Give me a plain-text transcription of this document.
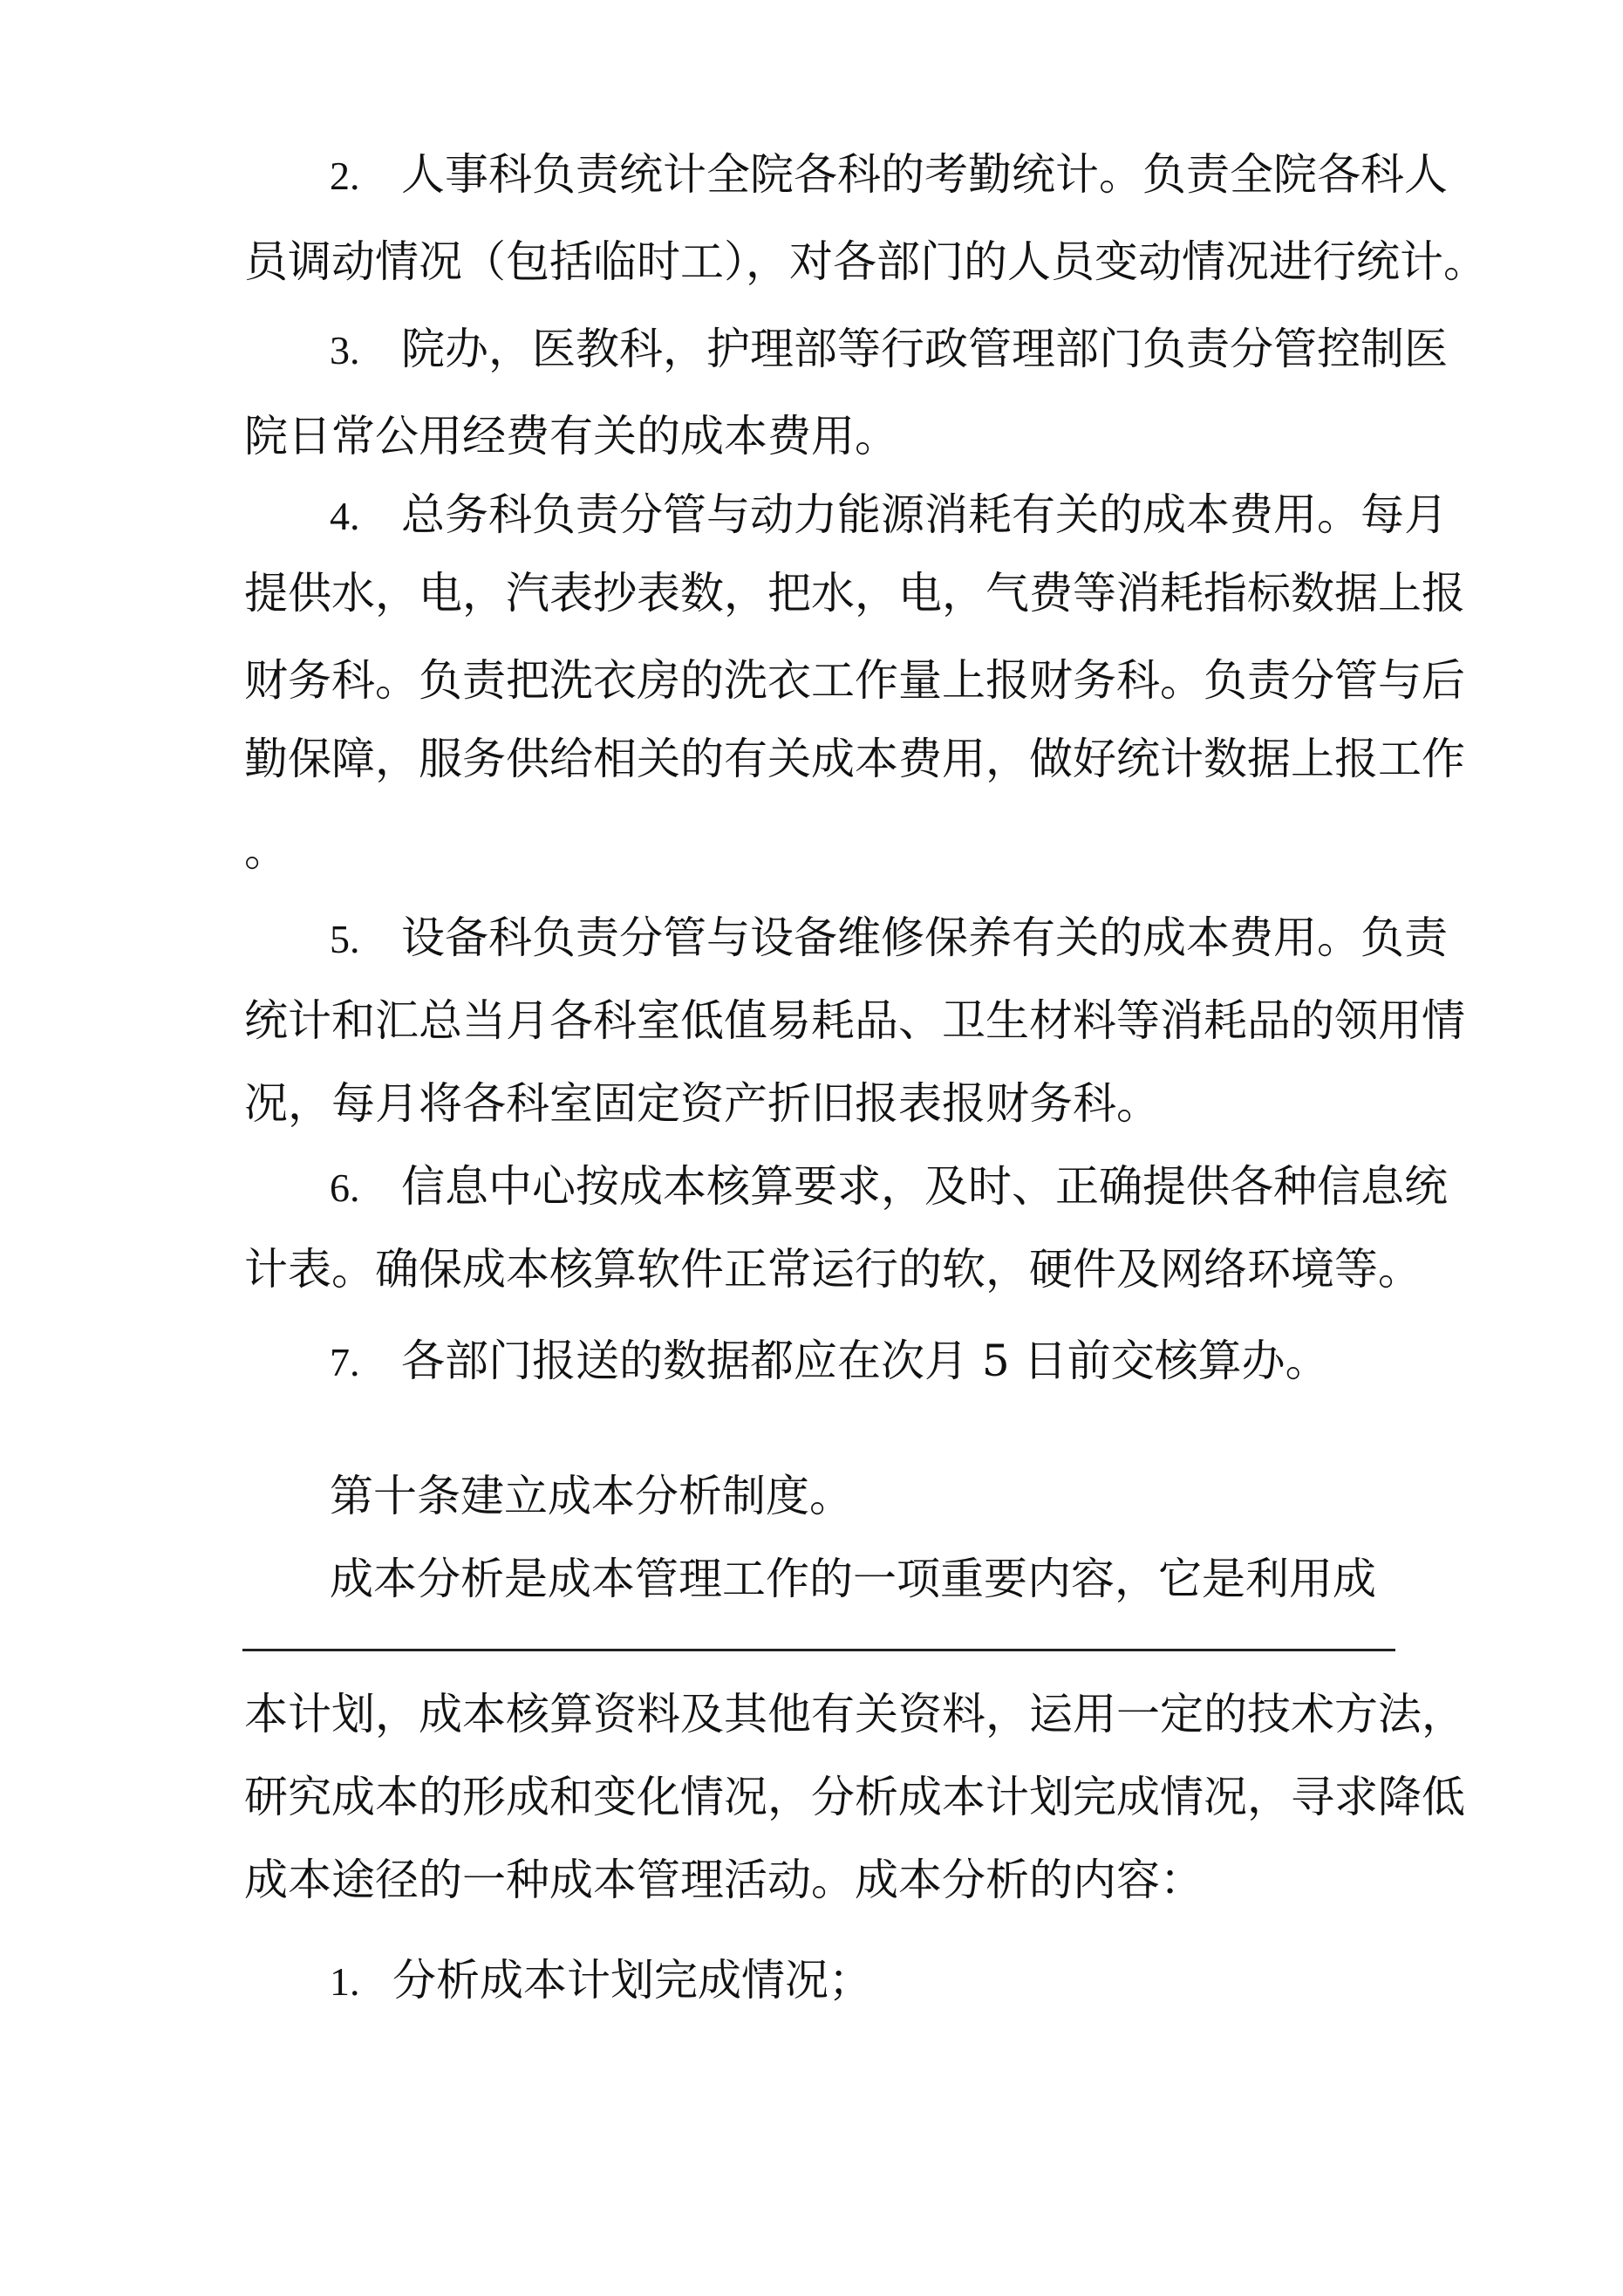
2. 人事科负责统计全院各科的考勤统计。负责全院各科人
员调动情况（包括临时工），对各部门的人员变动情况进行统计。
3. 院办，医教科，护理部等行政管理部门负责分管控制医
院日常公用经费有关的成本费用。
4. 总务科负责分管与动力能源消耗有关的成本费用。每月
提供水，电，汽表抄表数，把水，电，气费等消耗指标数据上报
财务科。负责把洗衣房的洗衣工作量上报财务科。负责分管与后
勤保障，服务供给相关的有关成本费用，做好统计数据上报工作
。
5. 设备科负责分管与设备维修保养有关的成本费用。负责
统计和汇总当月各科室低值易耗品、卫生材料等消耗品的领用情
况，每月将各科室固定资产折旧报表报财务科。
6. 信息中心按成本核算要求，及时、正确提供各种信息统
计表。确保成本核算软件正常运行的软，硬件及网络环境等。
7. 各部门报送的数据都应在次月 5 日前交核算办。
第十条建立成本分析制度。
成本分析是成本管理工作的一项重要内容，它是利用成
本计划，成本核算资料及其他有关资料，运用一定的技术方法，
研究成本的形成和变化情况，分析成本计划完成情况，寻求降低
成本途径的一种成本管理活动。成本分析的内容：
1. 分析成本计划完成情况；
